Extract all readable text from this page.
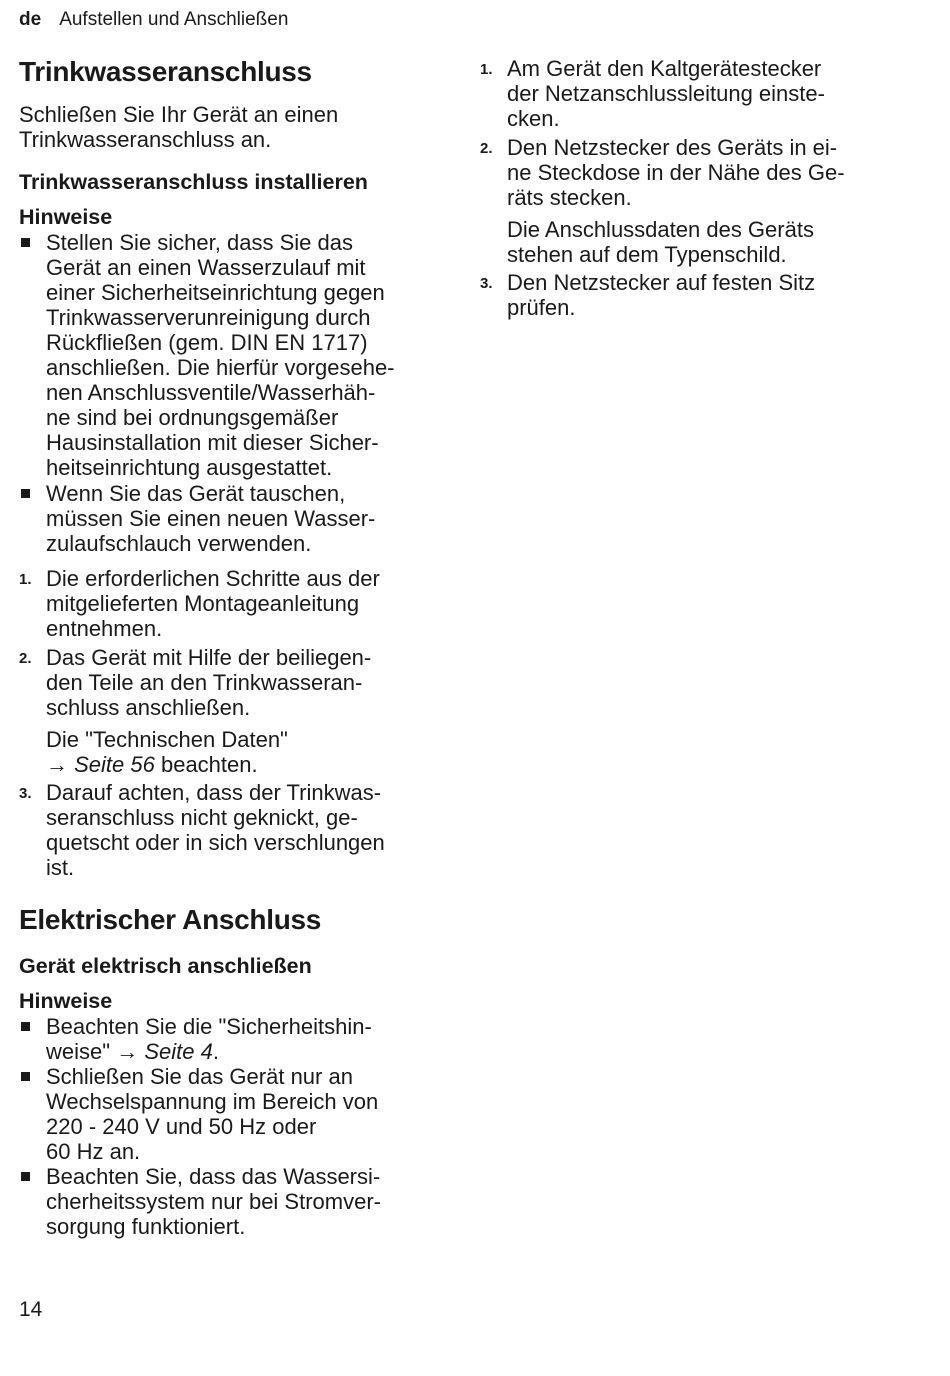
de Aufstellen und Anschließen
Trinkwasseranschluss
Schließen Sie Ihr Gerät an einen
Trinkwasseranschluss an.
Trinkwasseranschluss installieren
Hinweise
Stellen Sie sicher, dass Sie das
Gerät an einen Wasserzulauf mit
einer Sicherheitseinrichtung gegen
Trinkwasserverunreinigung durch
Rückfließen (gem. DIN EN 1717)
anschließen. Die hierfür vorgesehe-
nen Anschlussventile/Wasserhäh-
ne sind bei ordnungsgemäßer
Hausinstallation mit dieser Sicher-
heitseinrichtung ausgestattet.
Wenn Sie das Gerät tauschen,
müssen Sie einen neuen Wasser-
zulaufschlauch verwenden.
1. Die erforderlichen Schritte aus der
mitgelieferten Montageanleitung
entnehmen.
2. Das Gerät mit Hilfe der beiliegen-
den Teile an den Trinkwasseran-
schluss anschließen.
Die "Technischen Daten"
→ Seite 56 beachten.
3. Darauf achten, dass der Trinkwas-
seranschluss nicht geknickt, ge-
quetscht oder in sich verschlungen
ist.
Elektrischer Anschluss
Gerät elektrisch anschließen
Hinweise
Beachten Sie die "Sicherheitshin-
weise" → Seite 4.
Schließen Sie das Gerät nur an
Wechselspannung im Bereich von
220 - 240 V und 50 Hz oder
60 Hz an.
Beachten Sie, dass das Wassersi-
cherheitssystem nur bei Stromver-
sorgung funktioniert.
1. Am Gerät den Kaltgerätestecker
der Netzanschlussleitung einste-
cken.
2. Den Netzstecker des Geräts in ei-
ne Steckdose in der Nähe des Ge-
räts stecken.
Die Anschlussdaten des Geräts
stehen auf dem Typenschild.
3. Den Netzstecker auf festen Sitz
prüfen.
14
